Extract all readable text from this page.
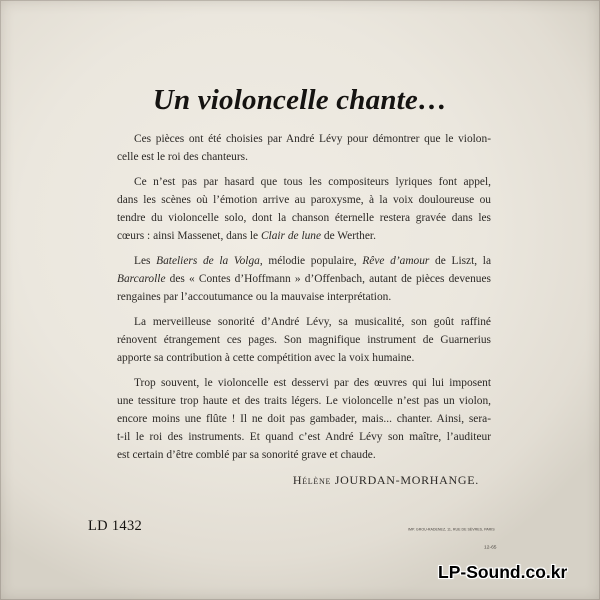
Un violoncelle chante…
Ces pièces ont été choisies par André Lévy pour démontrer que le violon-
celle est le roi des chanteurs.
Ce n’est pas par hasard que tous les compositeurs lyriques font appel,
dans les scènes où l’émotion arrive au paroxysme, à la voix douloureuse ou
tendre du violoncelle solo, dont la chanson éternelle restera gravée dans les
cœurs : ainsi Massenet, dans le Clair de lune de Werther.
Les Bateliers de la Volga, mélodie populaire, Rêve d’amour de Liszt, la
Barcarolle des « Contes d’Hoffmann » d’Offenbach, autant de pièces devenues
rengaines par l’accoutumance ou la mauvaise interprétation.
La merveilleuse sonorité d’André Lévy, sa musicalité, son goût raffiné
rénovent étrangement ces pages. Son magnifique instrument de Guarnerius
apporte sa contribution à cette compétition avec la voix humaine.
Trop souvent, le violoncelle est desservi par des œuvres qui lui imposent
une tessiture trop haute et des traits légers. Le violoncelle n’est pas un violon,
encore moins une flûte ! Il ne doit pas gambader, mais... chanter. Ainsi, sera-
t-il le roi des instruments. Et quand c’est André Lévy son maître, l’auditeur
est certain d’être comblé par sa sonorité grave et chaude.
Hélène JOURDAN-MORHANGE.
LD 1432	IMP. GROU-RADENEZ, 11, RUE DE SÈVRES, PARIS
12-65
LP-Sound.co.kr
